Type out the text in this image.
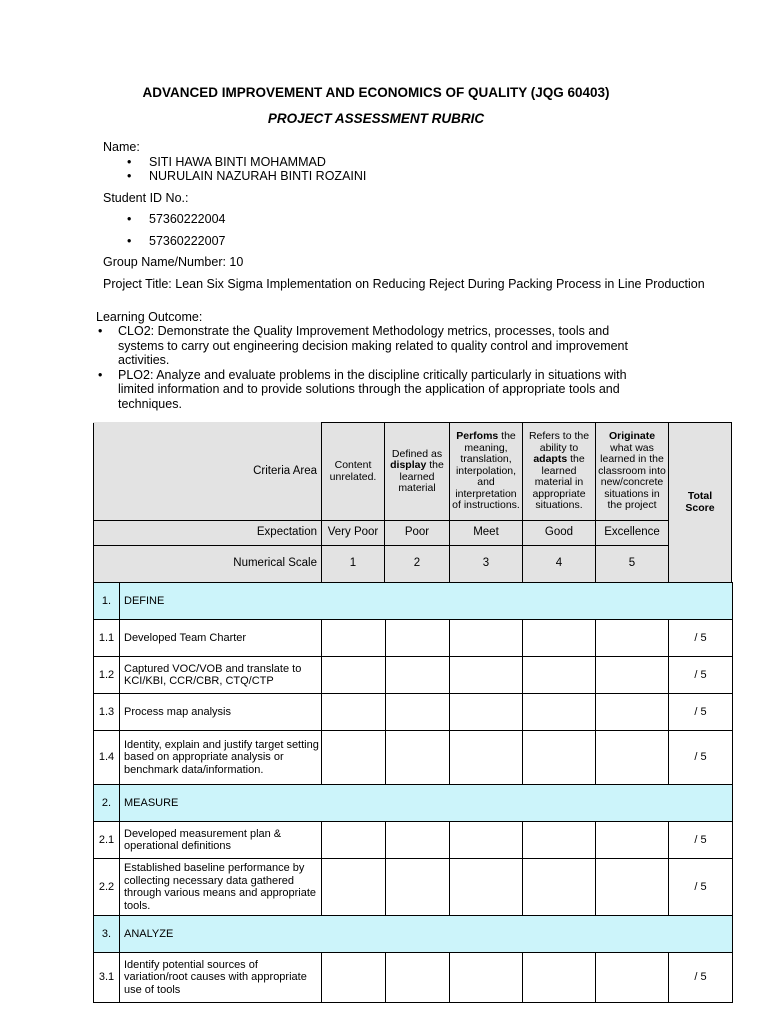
ADVANCED IMPROVEMENT AND ECONOMICS OF QUALITY (JQG 60403)
PROJECT ASSESSMENT RUBRIC
Name:
• SITI HAWA BINTI MOHAMMAD
• NURULAIN NAZURAH BINTI ROZAINI
Student ID No.:
• 57360222004
• 57360222007
Group Name/Number: 10
Project Title: Lean Six Sigma Implementation on Reducing Reject During Packing Process in Line Production
Learning Outcome:
• CLO2: Demonstrate the Quality Improvement Methodology metrics, processes, tools and systems to carry out engineering decision making related to quality control and improvement activities.
• PLO2: Analyze and evaluate problems in the discipline critically particularly in situations with limited information and to provide solutions through the application of appropriate tools and techniques.
Criteria Area	Content unrelated.	Defined as display the learned material	Perfoms the meaning, translation, interpolation, and interpretation of instructions.	Refers to the ability to adapts the learned material in appropriate situations.	Originate what was learned in the classroom into new/concrete situations in the project	Total
Score
Expectation	Very Poor	Poor	Meet	Good	Excellence	
Numerical Scale	1	2	3	4	5	
1.	DEFINE						
1.1	Developed Team Charter						/ 5
1.2	Captured VOC/VOB and translate to KCI/KBI, CCR/CBR, CTQ/CTP						/ 5
1.3	Process map analysis						/ 5
1.4	Identity, explain and justify target setting based on appropriate analysis or benchmark data/information.						/ 5
2.	MEASURE						
2.1	Developed measurement plan & operational definitions						/ 5
2.2	Established baseline performance by collecting necessary data gathered through various means and appropriate tools.						/ 5
3.	ANALYZE						
3.1	Identify potential sources of variation/root causes with appropriate use of tools						/ 5
